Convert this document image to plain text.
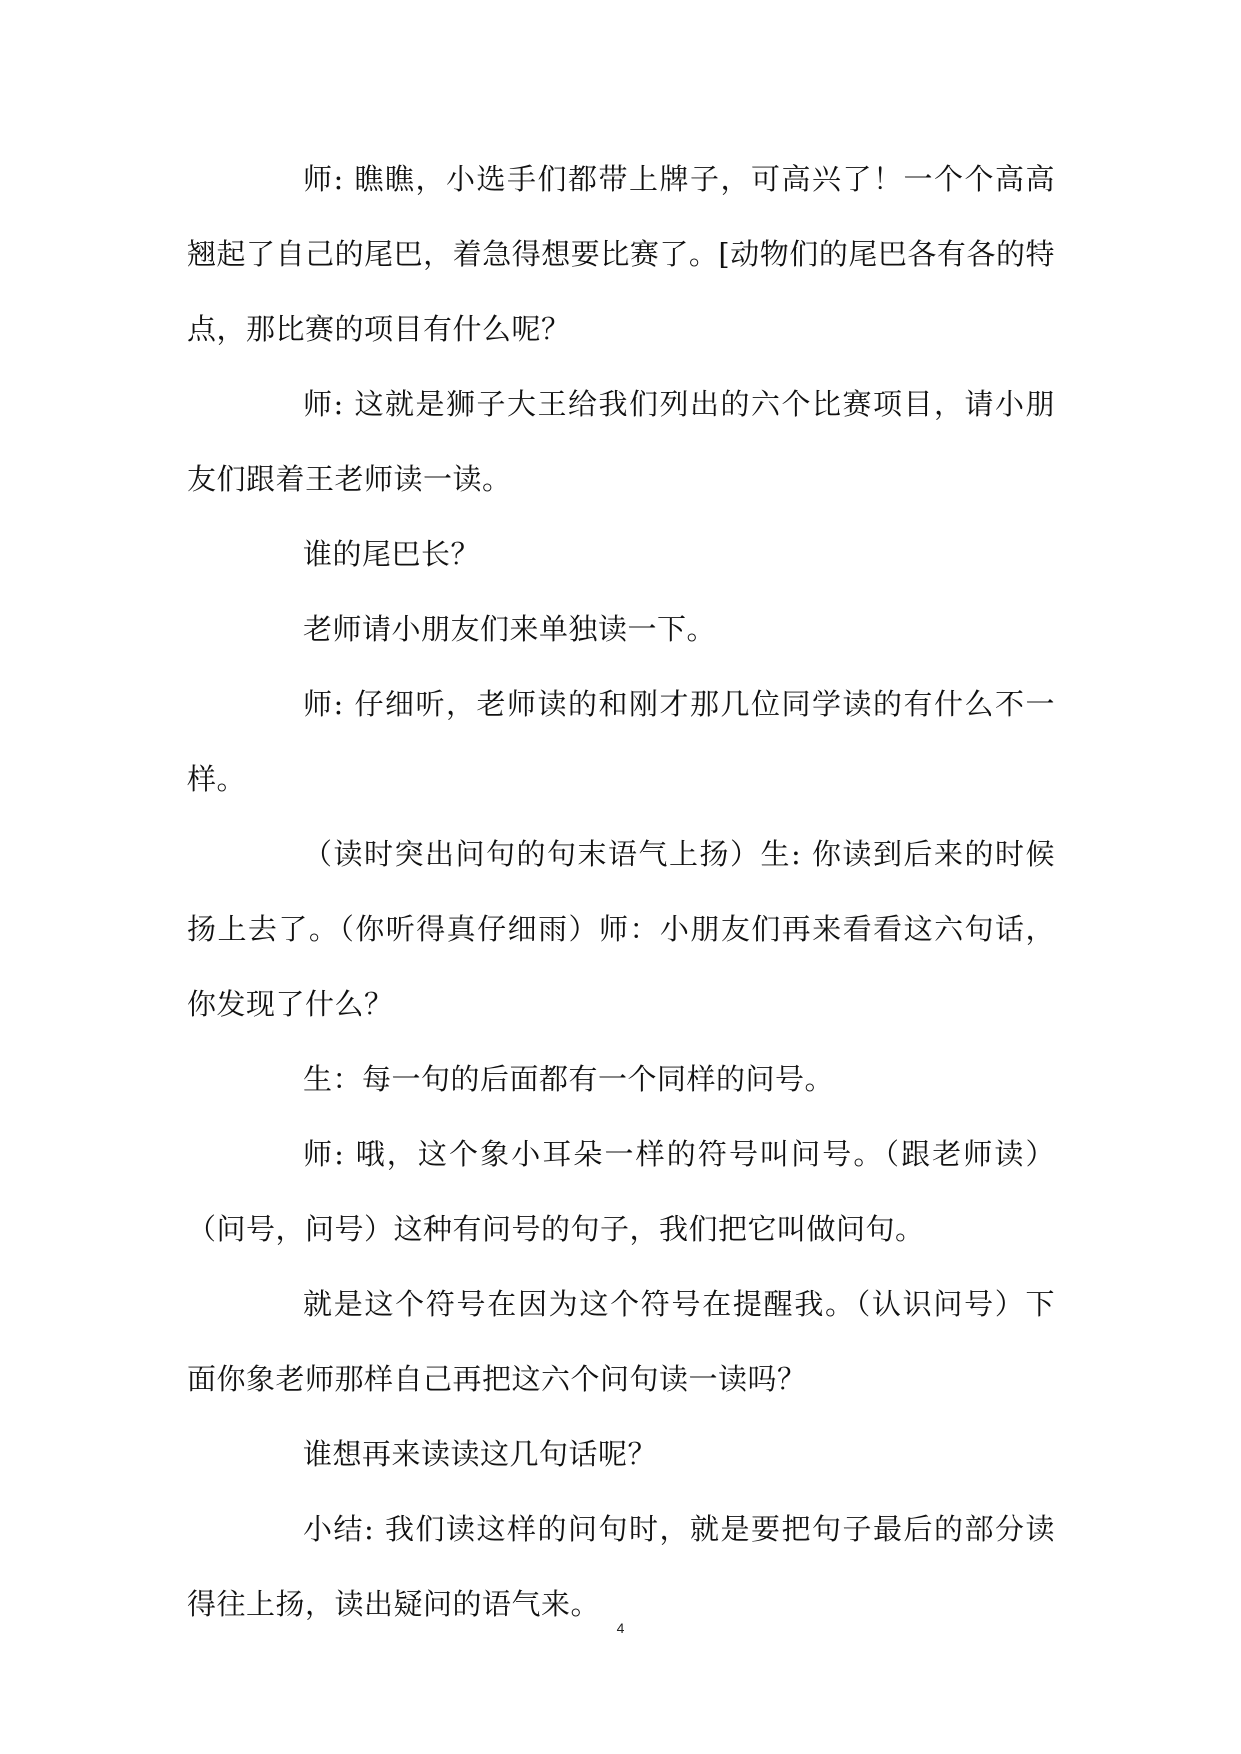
师: 瞧瞧，小选手们都带上牌子，可高兴了！一个个高高翘起了自己的尾巴，着急得想要比赛了。[动物们的尾巴各有各的特点，那比赛的项目有什么呢？

师: 这就是狮子大王给我们列出的六个比赛项目，请小朋友们跟着王老师读一读。

谁的尾巴长？

老师请小朋友们来单独读一下。

师: 仔细听，老师读的和刚才那几位同学读的有什么不一样。

（读时突出问句的句末语气上扬）生: 你读到后来的时候扬上去了。（你听得真仔细雨）师：小朋友们再来看看这六句话，你发现了什么？

生：每一句的后面都有一个同样的问号。

师: 哦，这个象小耳朵一样的符号叫问号。（跟老师读）（问号，问号）这种有问号的句子，我们把它叫做问句。

就是这个符号在因为这个符号在提醒我。（认识问号）下面你象老师那样自己再把这六个问句读一读吗？

谁想再来读读这几句话呢？

小结: 我们读这样的问句时，就是要把句子最后的部分读得往上扬，读出疑问的语气来。

4
